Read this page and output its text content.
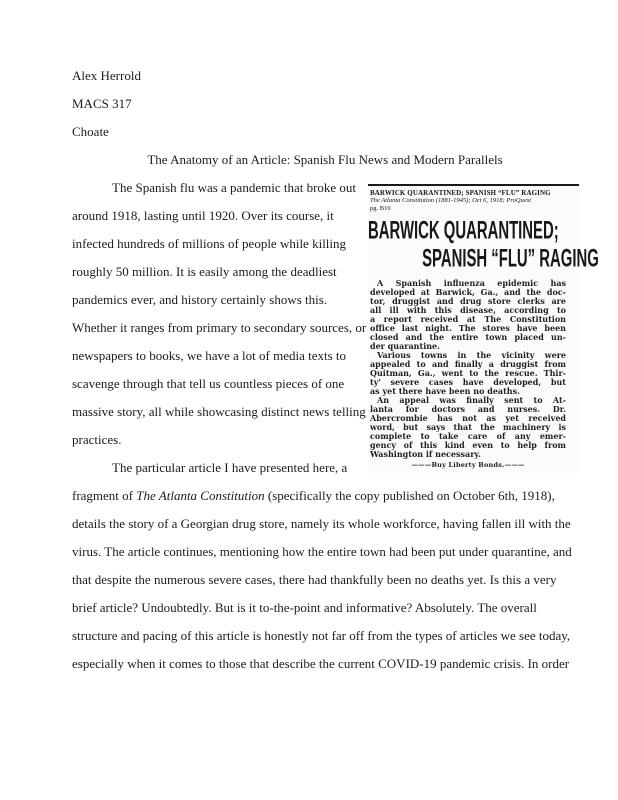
Alex Herrold
MACS 317
Choate
The Anatomy of an Article: Spanish Flu News and Modern Parallels
The Spanish flu was a pandemic that broke out
around 1918, lasting until 1920. Over its course, it
infected hundreds of millions of people while killing
roughly 50 million. It is easily among the deadliest
pandemics ever, and history certainly shows this.
Whether it ranges from primary to secondary sources, or
newspapers to books, we have a lot of media texts to
scavenge through that tell us countless pieces of one
massive story, all while showcasing distinct news telling
practices.
The particular article I have presented here, a
fragment of The Atlanta Constitution (specifically the copy published on October 6th, 1918),
details the story of a Georgian drug store, namely its whole workforce, having fallen ill with the
virus. The article continues, mentioning how the entire town had been put under quarantine, and
that despite the numerous severe cases, there had thankfully been no deaths yet. Is this a very
brief article? Undoubtedly. But is it to-the-point and informative? Absolutely. The overall
structure and pacing of this article is honestly not far off from the types of articles we see today,
especially when it comes to those that describe the current COVID-19 pandemic crisis. In order
BARWICK QUARANTINED; SPANISH “FLU” RAGING
The Atlanta Constitution (1881-1945); Oct 6, 1918; ProQuest
pg. B10
BARWICK QUARANTINED;
SPANISH “FLU” RAGING
A Spanish influenza epidemic has
developed at Barwick, Ga., and the doc-
tor, druggist and drug store clerks are
all ill with this disease, according to
a report received at The Constitution
office last night. The stores have been
closed and the entire town placed un-
der quarantine.
Various towns in the vicinity were
appealed to and finally a druggist from
Quitman, Ga., went to the rescue. Thir-
ty' severe cases have developed, but
as yet there have been no deaths.
An appeal was finally sent to At-
lanta for doctors and nurses. Dr.
Abercrombie has not as yet received
word, but says that the machinery is
complete to take care of any emer-
gency of this kind even to help from
Washington if necessary.
———Buy Liberty Bonds.———
